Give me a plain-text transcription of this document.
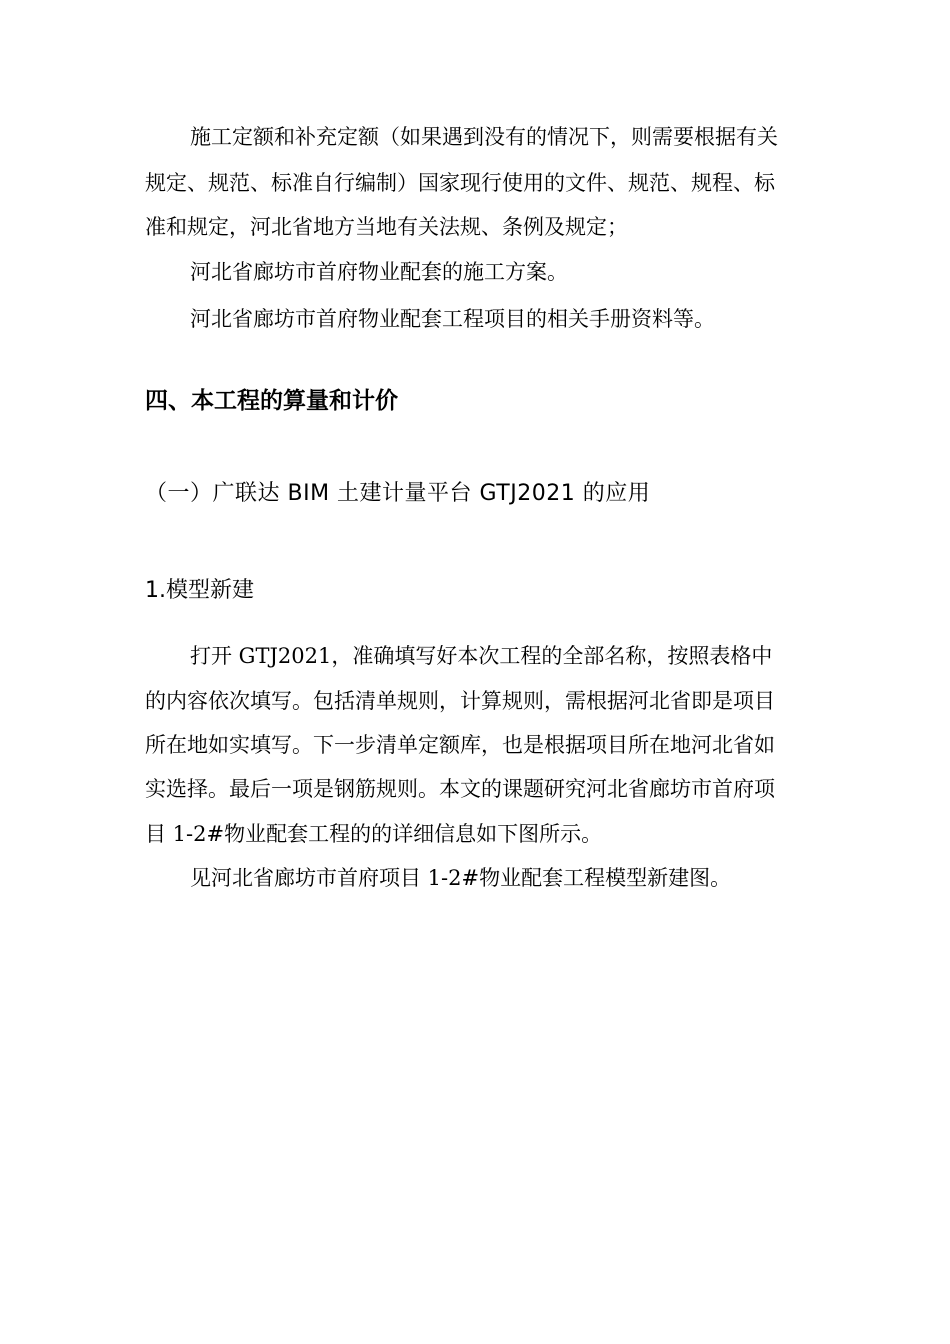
施工定额和补充定额（如果遇到没有的情况下，则需要根据有关
规定、规范、标准自行编制）国家现行使用的文件、规范、规程、标
准和规定，河北省地方当地有关法规、条例及规定；
河北省廊坊市首府物业配套的施工方案。
河北省廊坊市首府物业配套工程项目的相关手册资料等。
四、本工程的算量和计价
（一）广联达 BIM 土建计量平台 GTJ2021 的应用
1.模型新建
打开 GTJ2021，准确填写好本次工程的全部名称，按照表格中
的内容依次填写。包括清单规则，计算规则，需根据河北省即是项目
所在地如实填写。下一步清单定额库，也是根据项目所在地河北省如
实选择。最后一项是钢筋规则。本文的课题研究河北省廊坊市首府项
目 1-2#物业配套工程的的详细信息如下图所示。
见河北省廊坊市首府项目 1-2#物业配套工程模型新建图。
